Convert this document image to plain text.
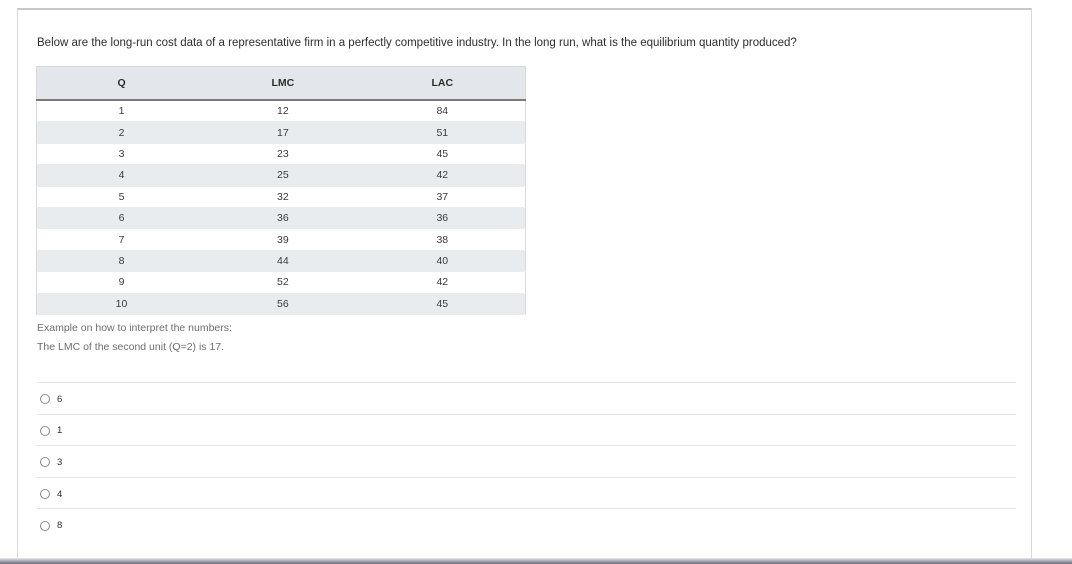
Below are the long-run cost data of a representative firm in a perfectly competitive industry. In the long run, what is the equilibrium quantity produced?
Q	LMC	LAC
1	12	84
2	17	51
3	23	45
4	25	42
5	32	37
6	36	36
7	39	38
8	44	40
9	52	42
10	56	45
Example on how to interpret the numbers:
The LMC of the second unit (Q=2) is 17.
6
1
3
4
8
